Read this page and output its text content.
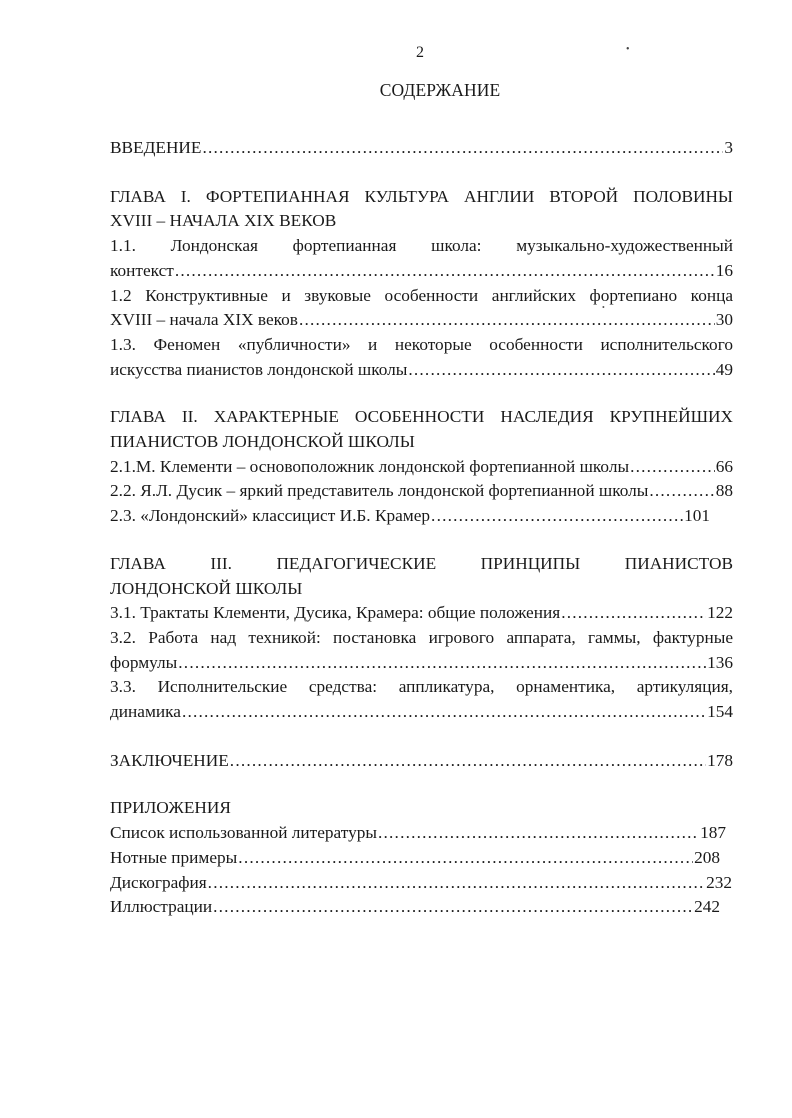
2	•
•
СОДЕРЖАНИЕ
ВВЕДЕНИЕ .....	3
ГЛАВА I. ФОРТЕПИАННАЯ КУЛЬТУРА АНГЛИИ ВТОРОЙ ПОЛОВИНЫ
XVIII – НАЧАЛА XIX ВЕКОВ
1.1. Лондонская фортепианная школа: музыкально-художественный
контекст .....	16
1.2 Конструктивные и звуковые особенности английских фортепиано конца
XVIII – начала XIX веков .....	30
1.3. Феномен «публичности» и некоторые особенности исполнительского
искусства пианистов лондонской школы .....	49
ГЛАВА II. ХАРАКТЕРНЫЕ ОСОБЕННОСТИ НАСЛЕДИЯ КРУПНЕЙШИХ
ПИАНИСТОВ ЛОНДОНСКОЙ ШКОЛЫ
2.1.М. Клементи – основоположник лондонской фортепианной школы .....	66
2.2. Я.Л. Дусик – яркий представитель лондонской фортепианной школы .....	88
2.3. «Лондонский» классицист И.Б. Крамер .....	101
ГЛАВА III. ПЕДАГОГИЧЕСКИЕ ПРИНЦИПЫ ПИАНИСТОВ
ЛОНДОНСКОЙ ШКОЛЫ
3.1. Трактаты Клементи, Дусика, Крамера: общие положения .....	122
3.2. Работа над техникой: постановка игрового аппарата, гаммы, фактурные
формулы .....	136
3.3. Исполнительские средства: аппликатура, орнаментика, артикуляция,
динамика .....	154
ЗАКЛЮЧЕНИЕ .....	178
ПРИЛОЖЕНИЯ
Список использованной литературы .....	187
Нотные примеры .....	208
Дискография .....	232
Иллюстрации .....	242
